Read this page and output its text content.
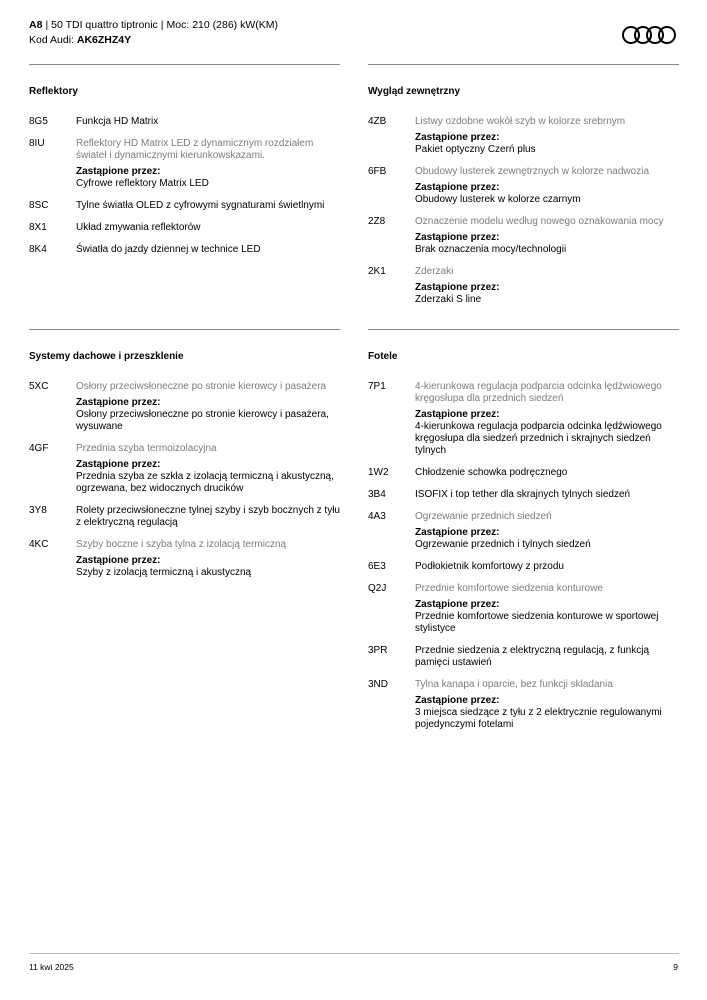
A8 | 50 TDI quattro tiptronic | Moc: 210 (286) kW(KM)
Kod Audi: AK6ZHZ4Y
Reflektory
8G5	Funkcja HD Matrix
8IU	Reflektory HD Matrix LED z dynamicznym rozdziałem świateł i dynamicznymi kierunkowskazami.
Zastąpione przez:
Cyfrowe reflektory Matrix LED
8SC	Tylne światła OLED z cyfrowymi sygnaturami świetlnymi
8X1	Układ zmywania reflektorów
8K4	Światła do jazdy dziennej w technice LED
Wygląd zewnętrzny
4ZB	Listwy ozdobne wokół szyb w kolorze srebrnym
Zastąpione przez:
Pakiet optyczny Czerń plus
6FB	Obudowy lusterek zewnętrznych w kolorze nadwozia
Zastąpione przez:
Obudowy lusterek w kolorze czarnym
2Z8	Oznaczenie modelu według nowego oznakowania mocy
Zastąpione przez:
Brak oznaczenia mocy/technologii
2K1	Zderzaki
Zastąpione przez:
Zderzaki S line
Systemy dachowe i przeszklenie
5XC	Osłony przeciwsłoneczne po stronie kierowcy i pasażera
Zastąpione przez:
Osłony przeciwsłoneczne po stronie kierowcy i pasażera, wysuwane
4GF	Przednia szyba termoizolacyjna
Zastąpione przez:
Przednia szyba ze szkła z izolacją termiczną i akustyczną, ogrzewana, bez widocznych drucików
3Y8	Rolety przeciwsłoneczne tylnej szyby i szyb bocznych z tyłu z elektryczną regulacją
4KC	Szyby boczne i szyba tylna z izolacją termiczną
Zastąpione przez:
Szyby z izolacją termiczną i akustyczną
Fotele
7P1	4-kierunkowa regulacja podparcia odcinka lędźwiowego kręgosłupa dla przednich siedzeń
Zastąpione przez:
4-kierunkowa regulacja podparcia odcinka lędźwiowego kręgosłupa dla siedzeń przednich i skrajnych siedzeń tylnych
1W2	Chłodzenie schowka podręcznego
3B4	ISOFIX i top tether dla skrajnych tylnych siedzeń
4A3	Ogrzewanie przednich siedzeń
Zastąpione przez:
Ogrzewanie przednich i tylnych siedzeń
6E3	Podłokietnik komfortowy z przodu
Q2J	Przednie komfortowe siedzenia konturowe
Zastąpione przez:
Przednie komfortowe siedzenia konturowe w sportowej stylistyce
3PR	Przednie siedzenia z elektryczną regulacją, z funkcją pamięci ustawień
3ND	Tylna kanapa i oparcie, bez funkcji składania
Zastąpione przez:
3 miejsca siedzące z tyłu z 2 elektrycznie regulowanymi pojedynczymi fotelami
11 kwi 2025	9
